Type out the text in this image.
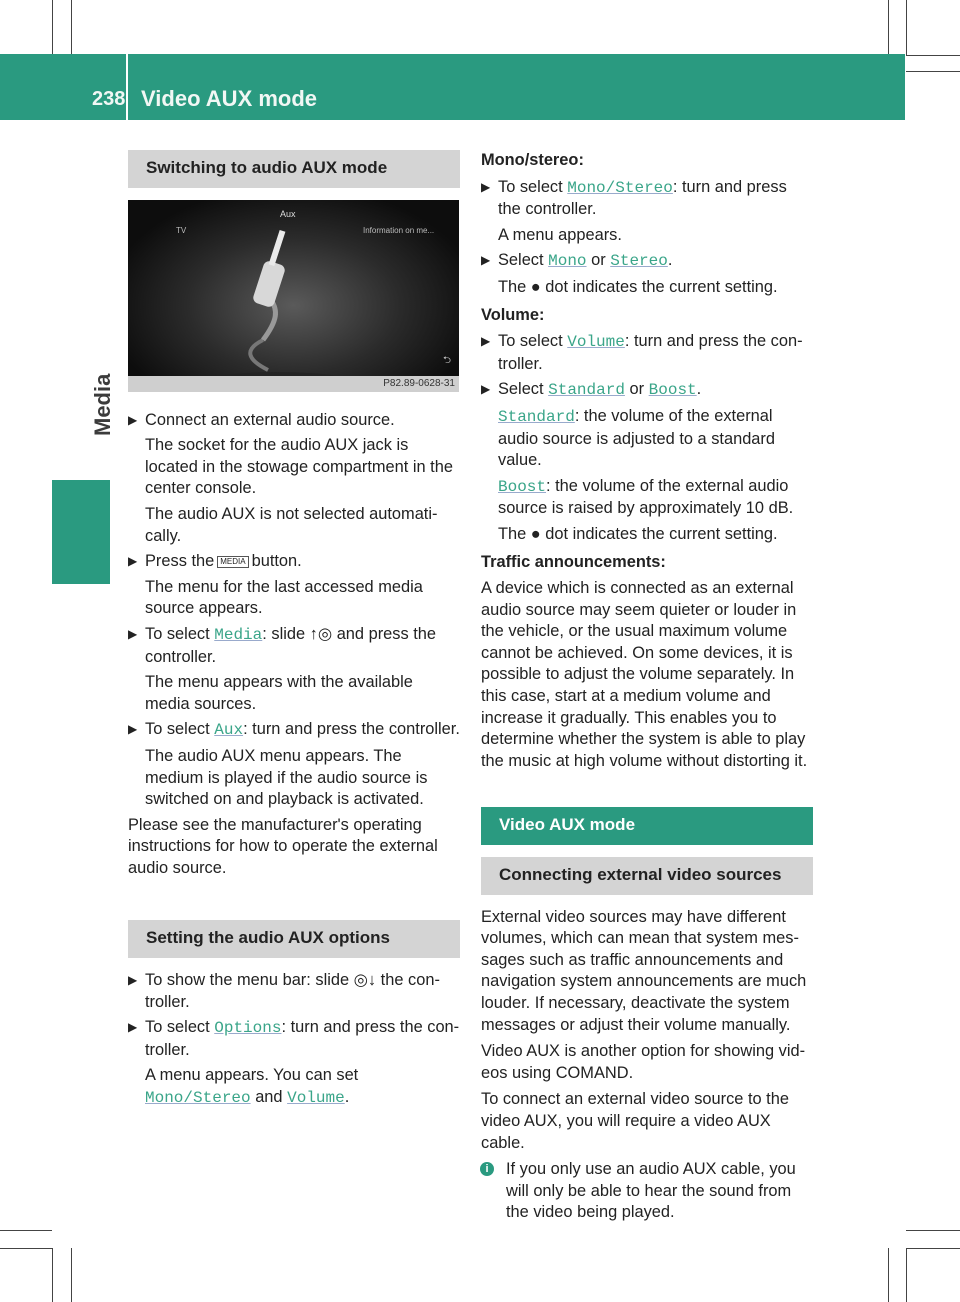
238 Video AUX mode
Media
Switching to audio AUX mode
Aux
TV	Information on me...
⮌
P82.89-0628-31
▶ Connect an external audio source.
The socket for the audio AUX jack is located in the stowage compartment in the center console.
The audio AUX is not selected automati-cally.
▶ Press the MEDIA button.
The menu for the last accessed media source appears.
▶ To select Media: slide ↑◎ and press the controller.
The menu appears with the available media sources.
▶ To select Aux: turn and press the controller.
The audio AUX menu appears. The medium is played if the audio source is switched on and playback is activated.

Please see the manufacturer's operating instructions for how to operate the external audio source.

Setting the audio AUX options
▶ To show the menu bar: slide ◎↓ the con-troller.
▶ To select Options: turn and press the con-troller.
A menu appears. You can set Mono/Stereo and Volume.

Mono/stereo:

▶ To select Mono/Stereo: turn and press the controller.
A menu appears.
▶ Select Mono or Stereo.
The ● dot indicates the current setting.

Volume:

▶ To select Volume: turn and press the con-troller.
▶ Select Standard or Boost.
Standard: the volume of the external audio source is adjusted to a standard value.
Boost: the volume of the external audio source is raised by approximately 10 dB.
The ● dot indicates the current setting.

Traffic announcements:

A device which is connected as an external audio source may seem quieter or louder in the vehicle, or the usual maximum volume cannot be achieved. On some devices, it is possible to adjust the volume separately. In this case, start at a medium volume and increase it gradually. This enables you to determine whether the system is able to play the music at high volume without distorting it.

Video AUX mode
Connecting external video sources

External video sources may have different volumes, which can mean that system mes-sages such as traffic announcements and navigation system announcements are much louder. If necessary, deactivate the system messages or adjust their volume manually.

Video AUX is another option for showing vid-eos using COMAND.

To connect an external video source to the video AUX, you will require a video AUX cable.

i	If you only use an audio AUX cable, you will only be able to hear the sound from the video being played.
